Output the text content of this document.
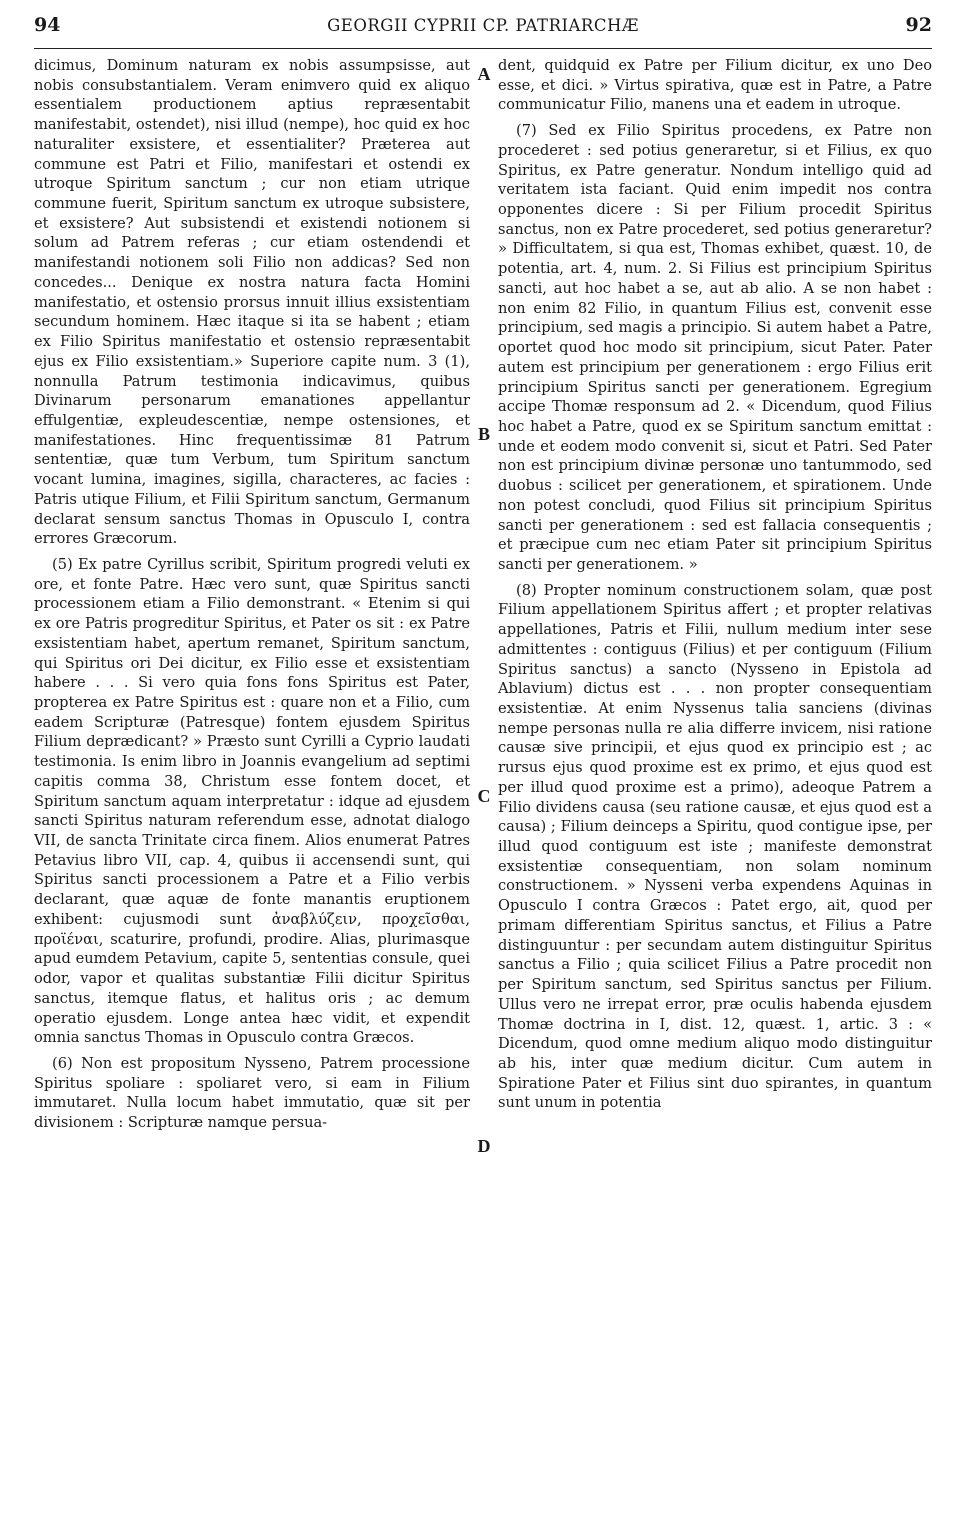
94	GEORGII CYPRII CP. PATRIARCHÆ	92

dicimus, Dominum naturam ex nobis assumpsisse, aut nobis consubstantialem. Veram enimvero quid ex aliquo essentialem productionem aptius repræsentabit manifestabit, ostendet), nisi illud (nempe), hoc quid ex hoc naturaliter exsistere, et essentialiter? Præterea aut commune est Patri et Filio, manifestari et ostendi ex utroque Spiritum sanctum ; cur non etiam utrique commune fuerit, Spiritum sanctum ex utroque subsistere, et exsistere? Aut subsistendi et existendi notionem si solum ad Patrem referas ; cur etiam ostendendi et manifestandi notionem soli Filio non addicas? Sed non concedes... Denique ex nostra natura facta Homini manifestatio, et ostensio prorsus innuit illius exsistentiam secundum hominem. Hæc itaque si ita se habent ; etiam ex Filio Spiritus manifestatio et ostensio repræsentabit ejus ex Filio exsistentiam.» Superiore capite num. 3 (1), nonnulla Patrum testimonia indicavimus, quibus Divinarum personarum emanationes appellantur effulgentiæ, expleudescentiæ, nempe ostensiones, et manifestationes. Hinc frequentissimæ 81 Patrum sententiæ, quæ tum Verbum, tum Spiritum sanctum vocant lumina, imagines, sigilla, characteres, ac facies : Patris utique Filium, et Filii Spiritum sanctum, Germanum declarat sensum sanctus Thomas in Opusculo I, contra errores Græcorum.

(5) Ex patre Cyrillus scribit, Spiritum progredi veluti ex ore, et fonte Patre. Hæc vero sunt, quæ Spiritus sancti processionem etiam a Filio demonstrant. « Etenim si qui ex ore Patris progreditur Spiritus, et Pater os sit : ex Patre exsistentiam habet, apertum remanet, Spiritum sanctum, qui Spiritus ori Dei dicitur, ex Filio esse et exsistentiam habere . . . Si vero quia fons fons Spiritus est Pater, propterea ex Patre Spiritus est : quare non et a Filio, cum eadem Scripturæ (Patresque) fontem ejusdem Spiritus Filium deprædicant? » Præsto sunt Cyrilli a Cyprio laudati testimonia. Is enim libro in Joannis evangelium ad septimi capitis comma 38, Christum esse fontem docet, et Spiritum sanctum aquam interpretatur : idque ad ejusdem sancti Spiritus naturam referendum esse, adnotat dialogo VII, de sancta Trinitate circa finem. Alios enumerat Patres Petavius libro VII, cap. 4, quibus ii accensendi sunt, qui Spiritus sancti processionem a Patre et a Filio verbis declarant, quæ aquæ de fonte manantis eruptionem exhibent: cujusmodi sunt ἀναβλύζειν, προχεῖσθαι, προϊέναι, scaturire, profundi, prodire. Alias, plurimasque apud eumdem Petavium, capite 5, sententias consule, quei odor, vapor et qualitas substantiæ Filii dicitur Spiritus sanctus, itemque flatus, et halitus oris ; ac demum operatio ejusdem. Longe antea hæc vidit, et expendit omnia sanctus Thomas in Opusculo contra Græcos.

(6) Non est propositum Nysseno, Patrem processione Spiritus spoliare : spoliaret vero, si eam in Filium immutaret. Nulla locum habet immutatio, quæ sit per divisionem : Scripturæ namque persua-

A
B
C
D

dent, quidquid ex Patre per Filium dicitur, ex uno Deo esse, et dici. » Virtus spirativa, quæ est in Patre, a Patre communicatur Filio, manens una et eadem in utroque.

(7) Sed ex Filio Spiritus procedens, ex Patre non procederet : sed potius generaretur, si et Filius, ex quo Spiritus, ex Patre generatur. Nondum intelligo quid ad veritatem ista faciant. Quid enim impedit nos contra opponentes dicere : Si per Filium procedit Spiritus sanctus, non ex Patre procederet, sed potius generaretur? » Difficultatem, si qua est, Thomas exhibet, quæst. 10, de potentia, art. 4, num. 2. Si Filius est principium Spiritus sancti, aut hoc habet a se, aut ab alio. A se non habet : non enim 82 Filio, in quantum Filius est, convenit esse principium, sed magis a principio. Si autem habet a Patre, oportet quod hoc modo sit principium, sicut Pater. Pater autem est principium per generationem : ergo Filius erit principium Spiritus sancti per generationem. Egregium accipe Thomæ responsum ad 2. « Dicendum, quod Filius hoc habet a Patre, quod ex se Spiritum sanctum emittat : unde et eodem modo convenit si, sicut et Patri. Sed Pater non est principium divinæ personæ uno tantummodo, sed duobus : scilicet per generationem, et spirationem. Unde non potest concludi, quod Filius sit principium Spiritus sancti per generationem : sed est fallacia consequentis ; et præcipue cum nec etiam Pater sit principium Spiritus sancti per generationem. »

(8) Propter nominum constructionem solam, quæ post Filium appellationem Spiritus affert ; et propter relativas appellationes, Patris et Filii, nullum medium inter sese admittentes : contiguus (Filius) et per contiguum (Filium Spiritus sanctus) a sancto (Nysseno in Epistola ad Ablavium) dictus est . . . non propter consequentiam exsistentiæ. At enim Nyssenus talia sanciens (divinas nempe personas nulla re alia differre invicem, nisi ratione causæ sive principii, et ejus quod ex principio est ; ac rursus ejus quod proxime est ex primo, et ejus quod est per illud quod proxime est a primo), adeoque Patrem a Filio dividens causa (seu ratione causæ, et ejus quod est a causa) ; Filium deinceps a Spiritu, quod contigue ipse, per illud quod contiguum est iste ; manifeste demonstrat exsistentiæ consequentiam, non solam nominum constructionem. » Nysseni verba expendens Aquinas in Opusculo I contra Græcos : Patet ergo, ait, quod per primam differentiam Spiritus sanctus, et Filius a Patre distinguuntur : per secundam autem distinguitur Spiritus sanctus a Filio ; quia scilicet Filius a Patre procedit non per Spiritum sanctum, sed Spiritus sanctus per Filium. Ullus vero ne irrepat error, præ oculis habenda ejusdem Thomæ doctrina in I, dist. 12, quæst. 1, artic. 3 : « Dicendum, quod omne medium aliquo modo distinguitur ab his, inter quæ medium dicitur. Cum autem in Spiratione Pater et Filius sint duo spirantes, in quantum sunt unum in potentia
